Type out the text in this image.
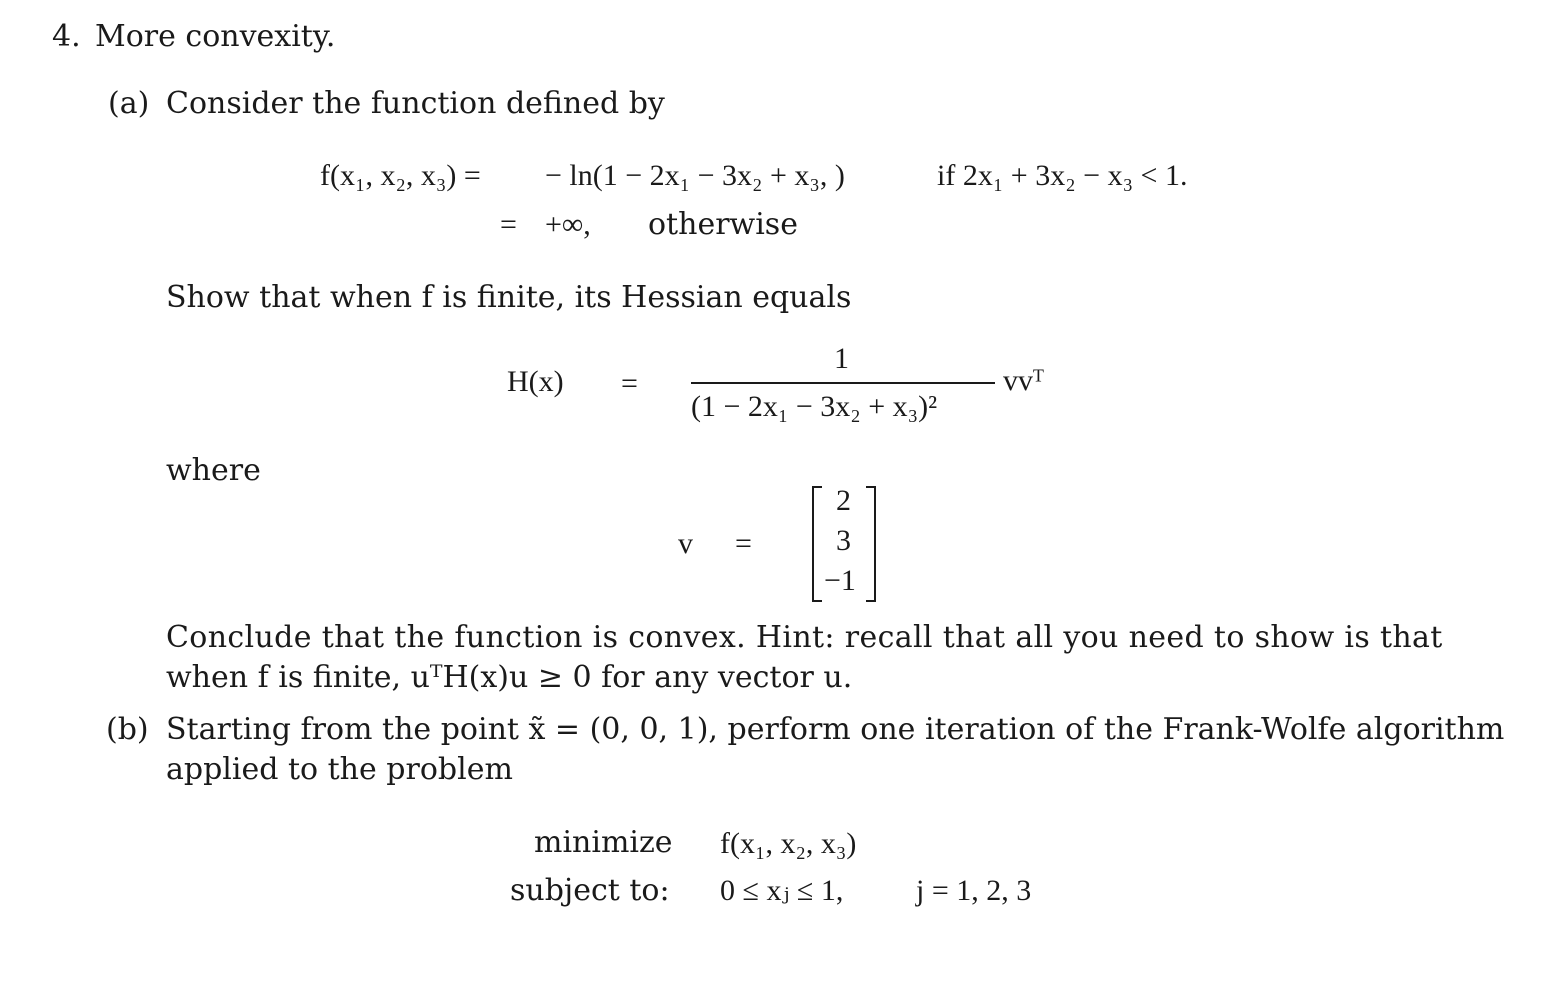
4. More convexity.
(a) Consider the function defined by
f(x₁, x₂, x₃) = − ln(1 − 2x₁ − 3x₂ + x₃, )	if 2x₁ + 3x₂ − x₃ < 1.
= +∞, otherwise
Show that when f is finite, its Hessian equals
H(x) =
1
(1 − 2x₁ − 3x₂ + x₃)²
vvᵀ
where
v =
2
3
−1
Conclude that the function is convex. Hint: recall that all you need to show is that
when f is finite, uᵀH(x)u ≥ 0 for any vector u.
(b) Starting from the point x̃ = (0, 0, 1), perform one iteration of the Frank-Wolfe algorithm
applied to the problem
minimize f(x₁, x₂, x₃)
subject to: 0 ≤ xⱼ ≤ 1, j = 1, 2, 3
